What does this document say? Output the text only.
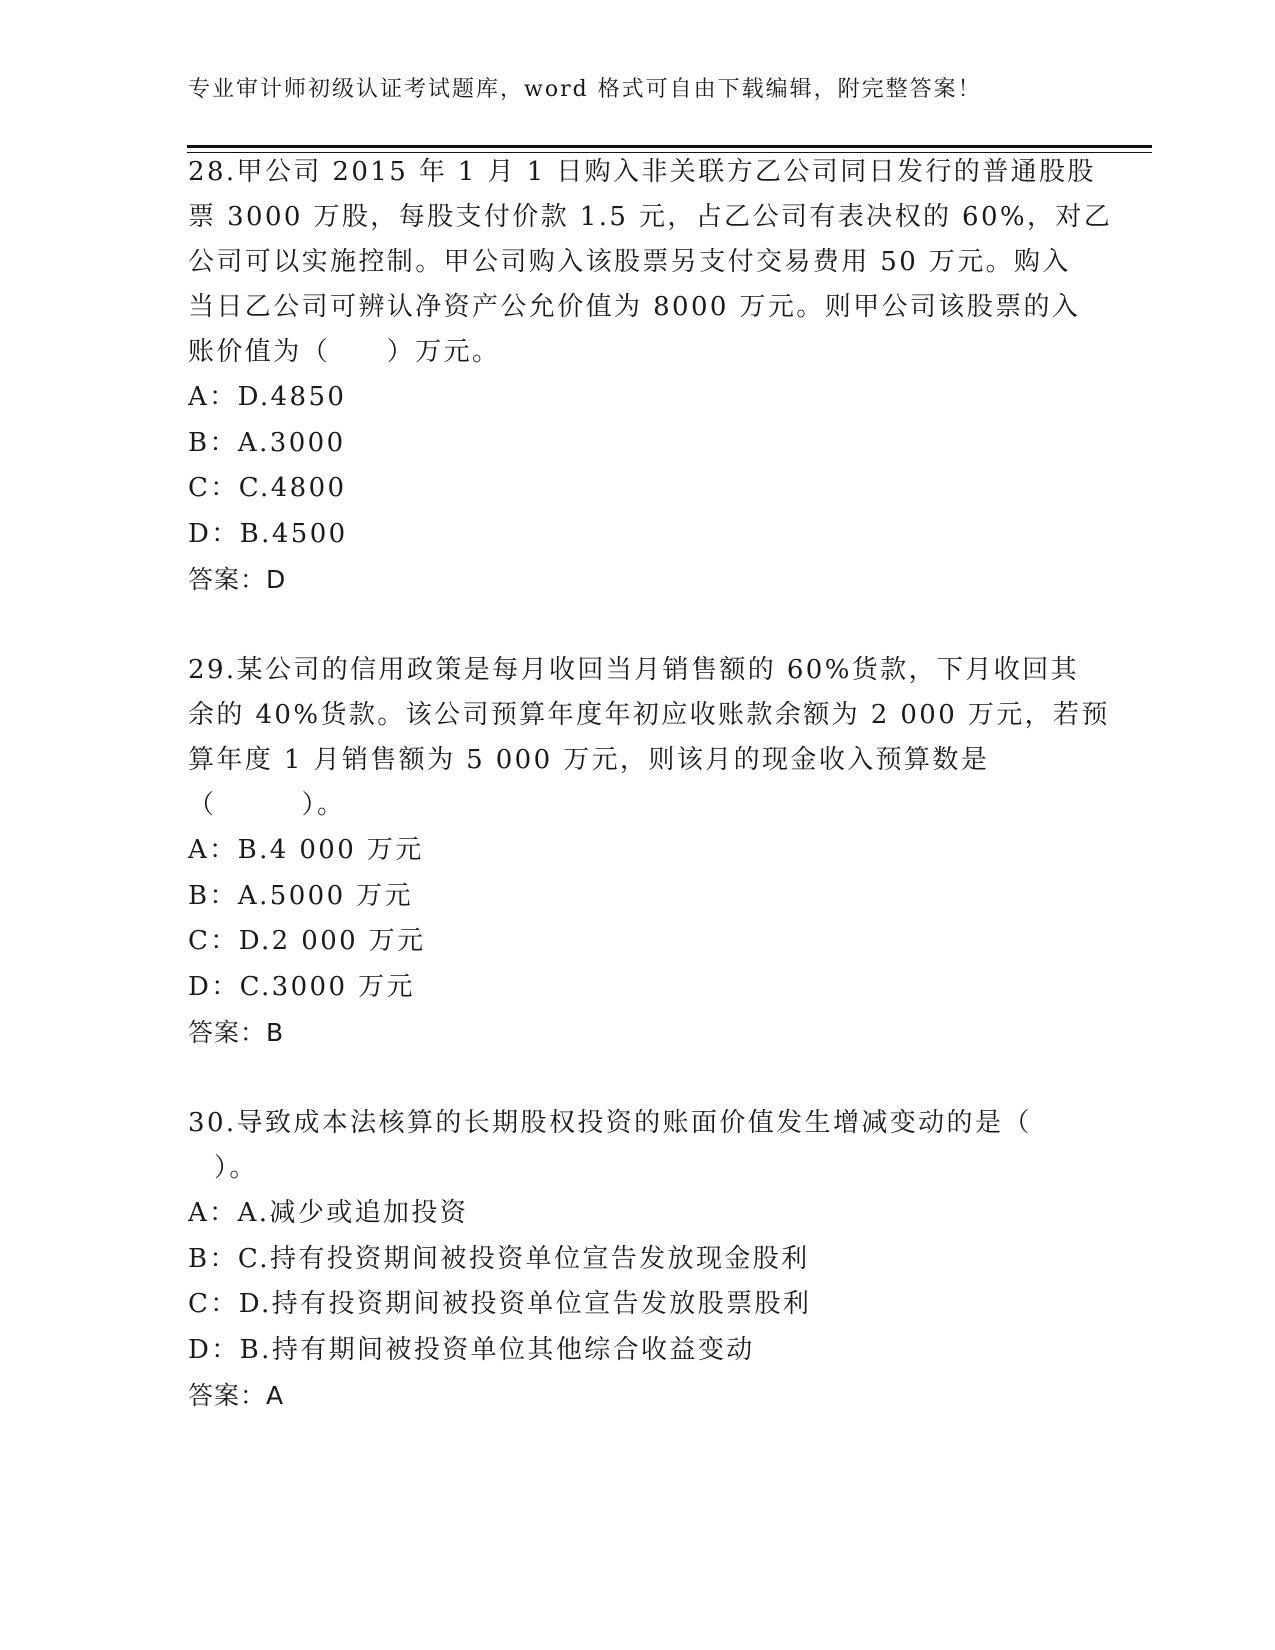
专业审计师初级认证考试题库，word 格式可自由下载编辑，附完整答案！
28.甲公司 2015 年 1 月 1 日购入非关联方乙公司同日发行的普通股股
票 3000 万股，每股支付价款 1.5 元，占乙公司有表决权的 60%，对乙
公司可以实施控制。甲公司购入该股票另支付交易费用 50 万元。购入
当日乙公司可辨认净资产公允价值为 8000 万元。则甲公司该股票的入
账价值为（　　）万元。
A：D.4850
B：A.3000
C：C.4800
D：B.4500
答案：D
29.某公司的信用政策是每月收回当月销售额的 60%货款，下月收回其
余的 40%货款。该公司预算年度年初应收账款余额为 2 000 万元，若预
算年度 1 月销售额为 5 000 万元，则该月的现金收入预算数是
（　　　）。
A：B.4 000 万元
B：A.5000 万元
C：D.2 000 万元
D：C.3000 万元
答案：B
30.导致成本法核算的长期股权投资的账面价值发生增减变动的是（
）。
A：A.减少或追加投资
B：C.持有投资期间被投资单位宣告发放现金股利
C：D.持有投资期间被投资单位宣告发放股票股利
D：B.持有期间被投资单位其他综合收益变动
答案：A
